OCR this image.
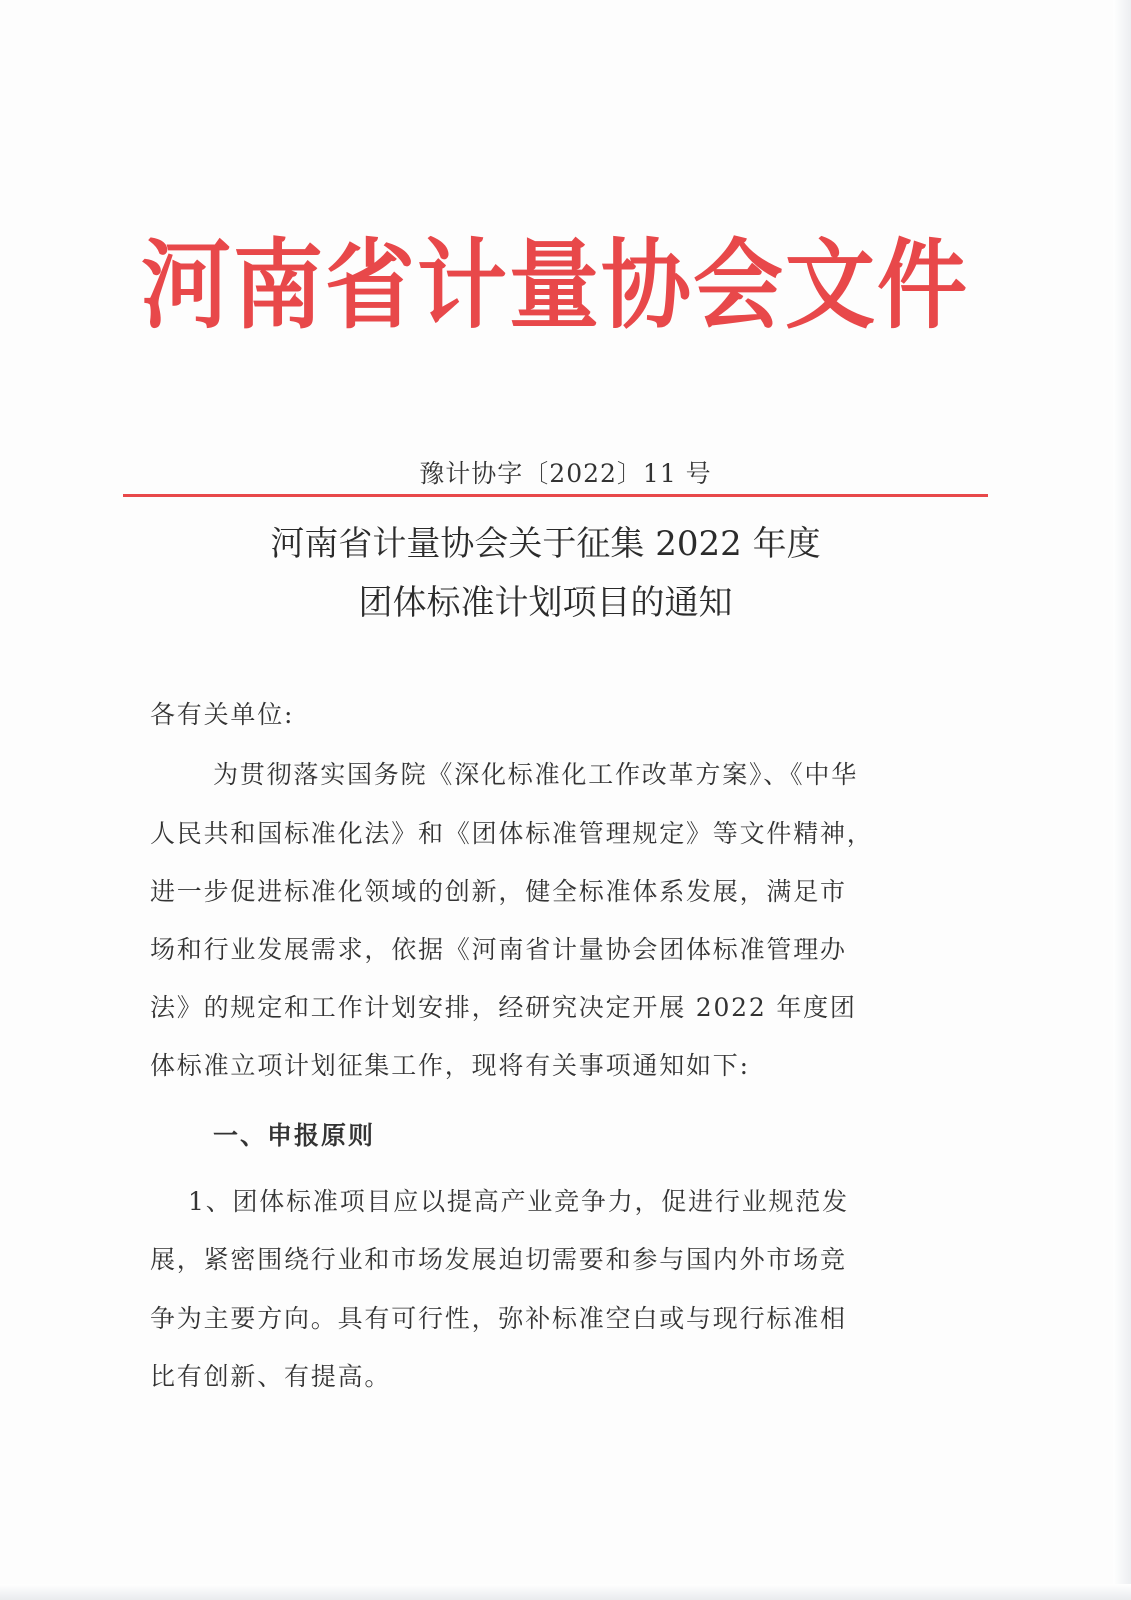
河南省计量协会文件
豫计协字〔2022〕11 号
河南省计量协会关于征集 2022 年度
团体标准计划项目的通知
各有关单位:
为贯彻落实国务院《深化标准化工作改革方案》、《中华
人民共和国标准化法》和《团体标准管理规定》等文件精神，
进一步促进标准化领域的创新，健全标准体系发展，满足市
场和行业发展需求，依据《河南省计量协会团体标准管理办
法》的规定和工作计划安排，经研究决定开展 2022 年度团
体标准立项计划征集工作，现将有关事项通知如下:
一、申报原则
1、团体标准项目应以提高产业竞争力，促进行业规范发
展，紧密围绕行业和市场发展迫切需要和参与国内外市场竞
争为主要方向。具有可行性，弥补标准空白或与现行标准相
比有创新、有提高。
